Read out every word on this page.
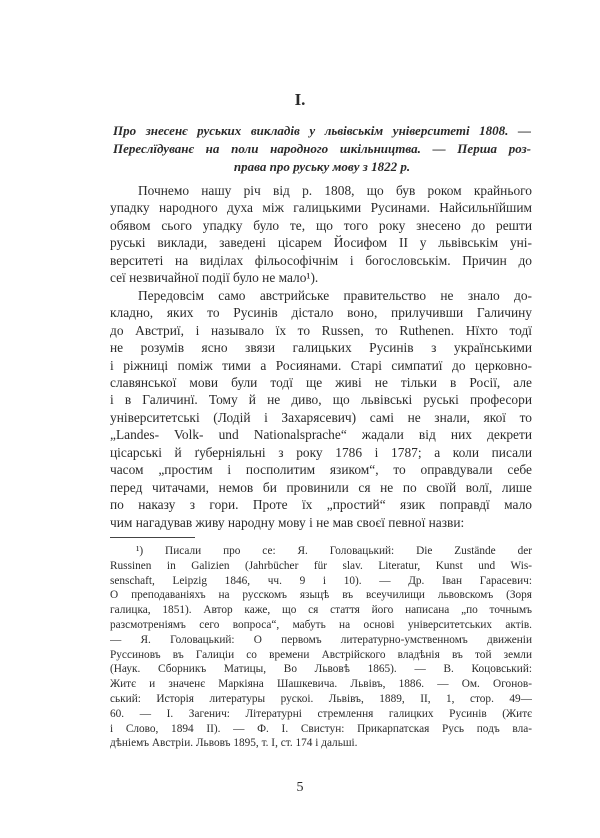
I.
Про знесенє руських викладів у львівськім університеті 1808. —
Переслїдуванє на поли народного шкільництва. — Перша роз-
права про руську мову з 1822 р.
Почнемо нашу річ від р. 1808, що був роком крайнього
упадку народного духа між галицькими Русинами. Найсильнїйшим
обявом сього упадку було те, що того року знесено до решти
руські виклади, заведені цісарем Йосифом II у львівськім уні-
верситеті на виділах фільософічнім і богословськім. Причин до
сеї незвичайної події було не мало¹).
Передовсім само австрийське правительство не знало до-
кладно, яких то Русинів дістало воно, прилучивши Галичину
до Австриї, і называло їх то Russen, то Ruthenen. Нїхто тодї
не розумів ясно звязи галицьких Русинів з українськими
і ріжниці поміж тими а Росиянами. Старі симпатиї до церковно-
славянської мови були тодї ще живі не тільки в Росії, але
і в Галичинї. Тому й не диво, що львівські руські професори
університетські (Лодій і Захарясевич) самі не знали, якої то
„Landes- Volk- und Nationalsprache“ жадали від них декрети
цісарські й ґуберніяльні з року 1786 і 1787; а коли писали
часом „простим і посполитим язиком“, то оправдували себе
перед читачами, немов би провинили ся не по своїй волї, лише
по наказу з гори. Проте їх „простий“ язик поправдї мало
чим нагадував живу народну мову і не мав своєї певної назви:
¹) Писали про се: Я. Головацький: Die Zustände der
Russinen in Galizien (Jahrbücher für slav. Literatur, Kunst und Wis-
senschaft, Leipzig 1846, чч. 9 і 10). — Др. Іван Гарасевич:
О преподаваніяхъ на русскомъ языцѣ въ всеучилищи львовскомъ (Зоря
галицка, 1851). Автор каже, що ся стаття його написана „по точнымъ
разсмотреніямъ сего вопроса“, мабуть на основі університетських актів.
— Я. Головацький: О первомъ литературно-умственномъ движеніи
Руссиновъ въ Галиціи со времени Австрійского владѣнія въ той земли
(Наук. Сборникъ Матицы, Во Львовѣ 1865). — В. Коцовський:
Житє и значенє Маркіяна Шашкевича. Львівъ, 1886. — Ом. Огонов-
ський: Исторія литературы рускоі. Львівъ, 1889, II, 1, стор. 49—
60. — І. Загенич: Літературні стремлення галицких Русинів (Житє
і Слово, 1894 II). — Ф. І. Свистун: Прикарпатская Русь подъ вла-
дѣніемъ Австріи. Львовъ 1895, т. I, ст. 174 і дальші.
5
